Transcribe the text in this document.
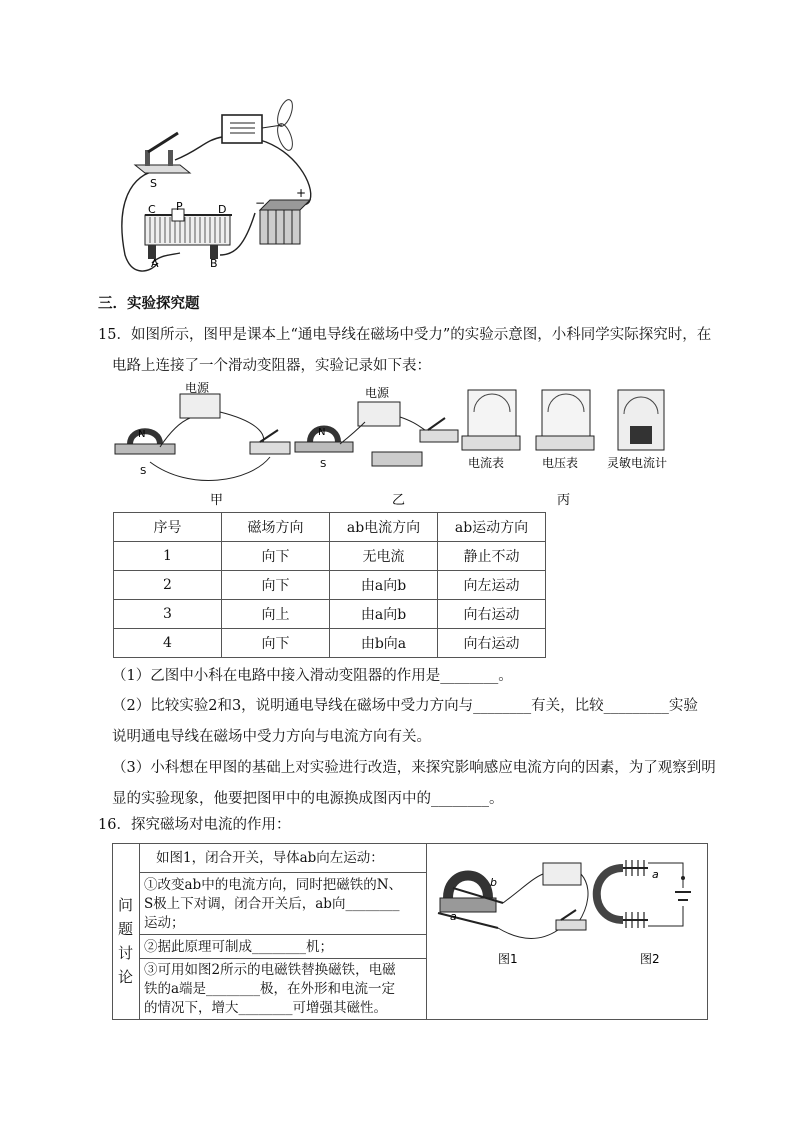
S
C P	D
A	B
−
+
三．实验探究题
15．如图所示，图甲是课本上“通电导线在磁场中受力”的实验示意图，小科同学实际探究时，在
电路上连接了一个滑动变阻器，实验记录如下表：
电源
N
S
甲
电源
N
S
乙
电流表	电压表 灵敏电流计
丙
序号	磁场方向	ab电流方向	ab运动方向
1	向下	无电流	静止不动
2	向下	由a向b	向左运动
3	向上	由a向b	向右运动
4	向下	由b向a	向右运动
（1）乙图中小科在电路中接入滑动变阻器的作用是________。
（2）比较实验2和3，说明通电导线在磁场中受力方向与________有关，比较_________实验
说明通电导线在磁场中受力方向与电流方向有关。
（3）小科想在甲图的基础上对实验进行改造，来探究影响感应电流方向的因素，为了观察到明
显的实验现象，他要把图甲中的电源换成图丙中的________。
16．探究磁场对电流的作用：
问
题
讨
论
如图1，闭合开关，导体ab向左运动：
①改变ab中的电流方向，同时把磁铁的N、
S极上下对调，闭合开关后，ab向________
运动；
②据此原理可制成________机；
③可用如图2所示的电磁铁替换磁铁，电磁
铁的a端是________极，在外形和电流一定
的情况下，增大________可增强其磁性。
b
a
图1
a
图2
